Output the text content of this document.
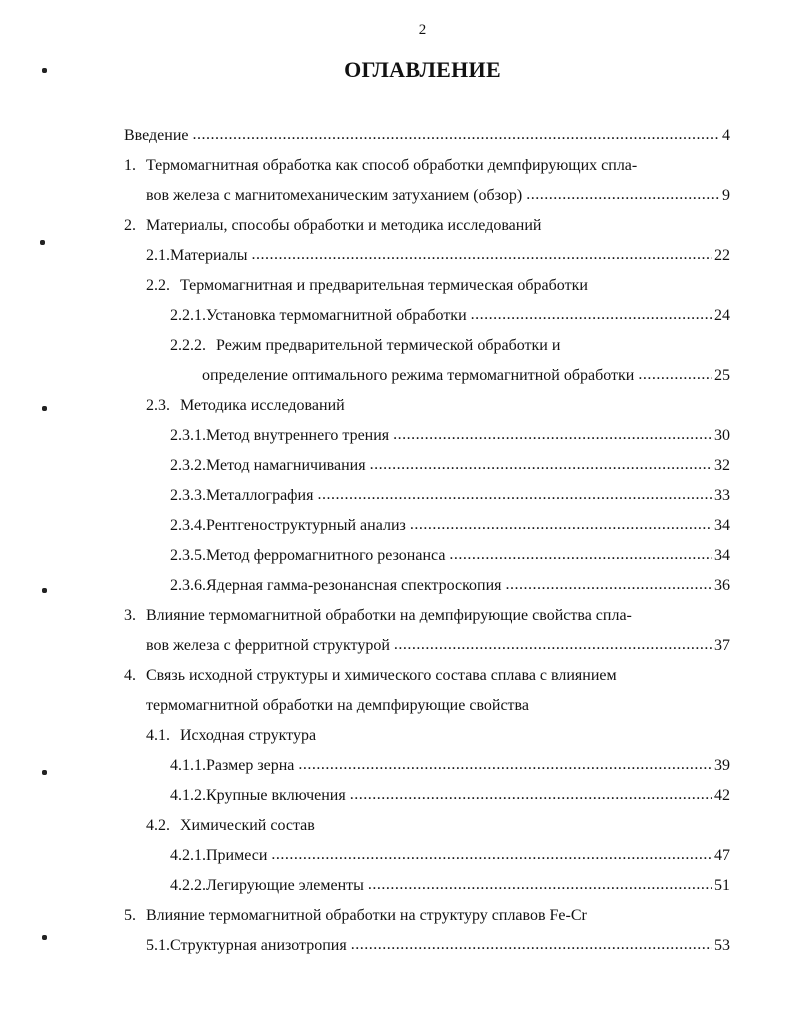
2
ОГЛАВЛЕНИЕ
Введение .....	4
1. Термомагнитная обработка как способ обработки демпфирующих спла-
вов железа с магнитомеханическим затуханием (обзор) .....	9
2. Материалы, способы обработки и методика исследований
2.1. Материалы .....	22
2.2. Термомагнитная и предварительная термическая обработки
2.2.1. Установка термомагнитной обработки .....	24
2.2.2. Режим предварительной термической обработки и
определение оптимального режима термомагнитной обработки .....	25
2.3. Методика исследований
2.3.1. Метод внутреннего трения .....	30
2.3.2. Метод намагничивания .....	32
2.3.3. Металлография .....	33
2.3.4. Рентгеноструктурный анализ .....	34
2.3.5. Метод ферромагнитного резонанса .....	34
2.3.6. Ядерная гамма-резонансная спектроскопия .....	36
3. Влияние термомагнитной обработки на демпфирующие свойства спла-
вов железа с ферритной структурой .....	37
4. Связь исходной структуры и химического состава сплава с влиянием
термомагнитной обработки на демпфирующие свойства
4.1. Исходная структура
4.1.1. Размер зерна .....	39
4.1.2. Крупные включения .....	42
4.2. Химический состав
4.2.1. Примеси .....	47
4.2.2. Легирующие элементы .....	51
5. Влияние термомагнитной обработки на структуру сплавов Fe-Cr
5.1. Структурная анизотропия .....	53
